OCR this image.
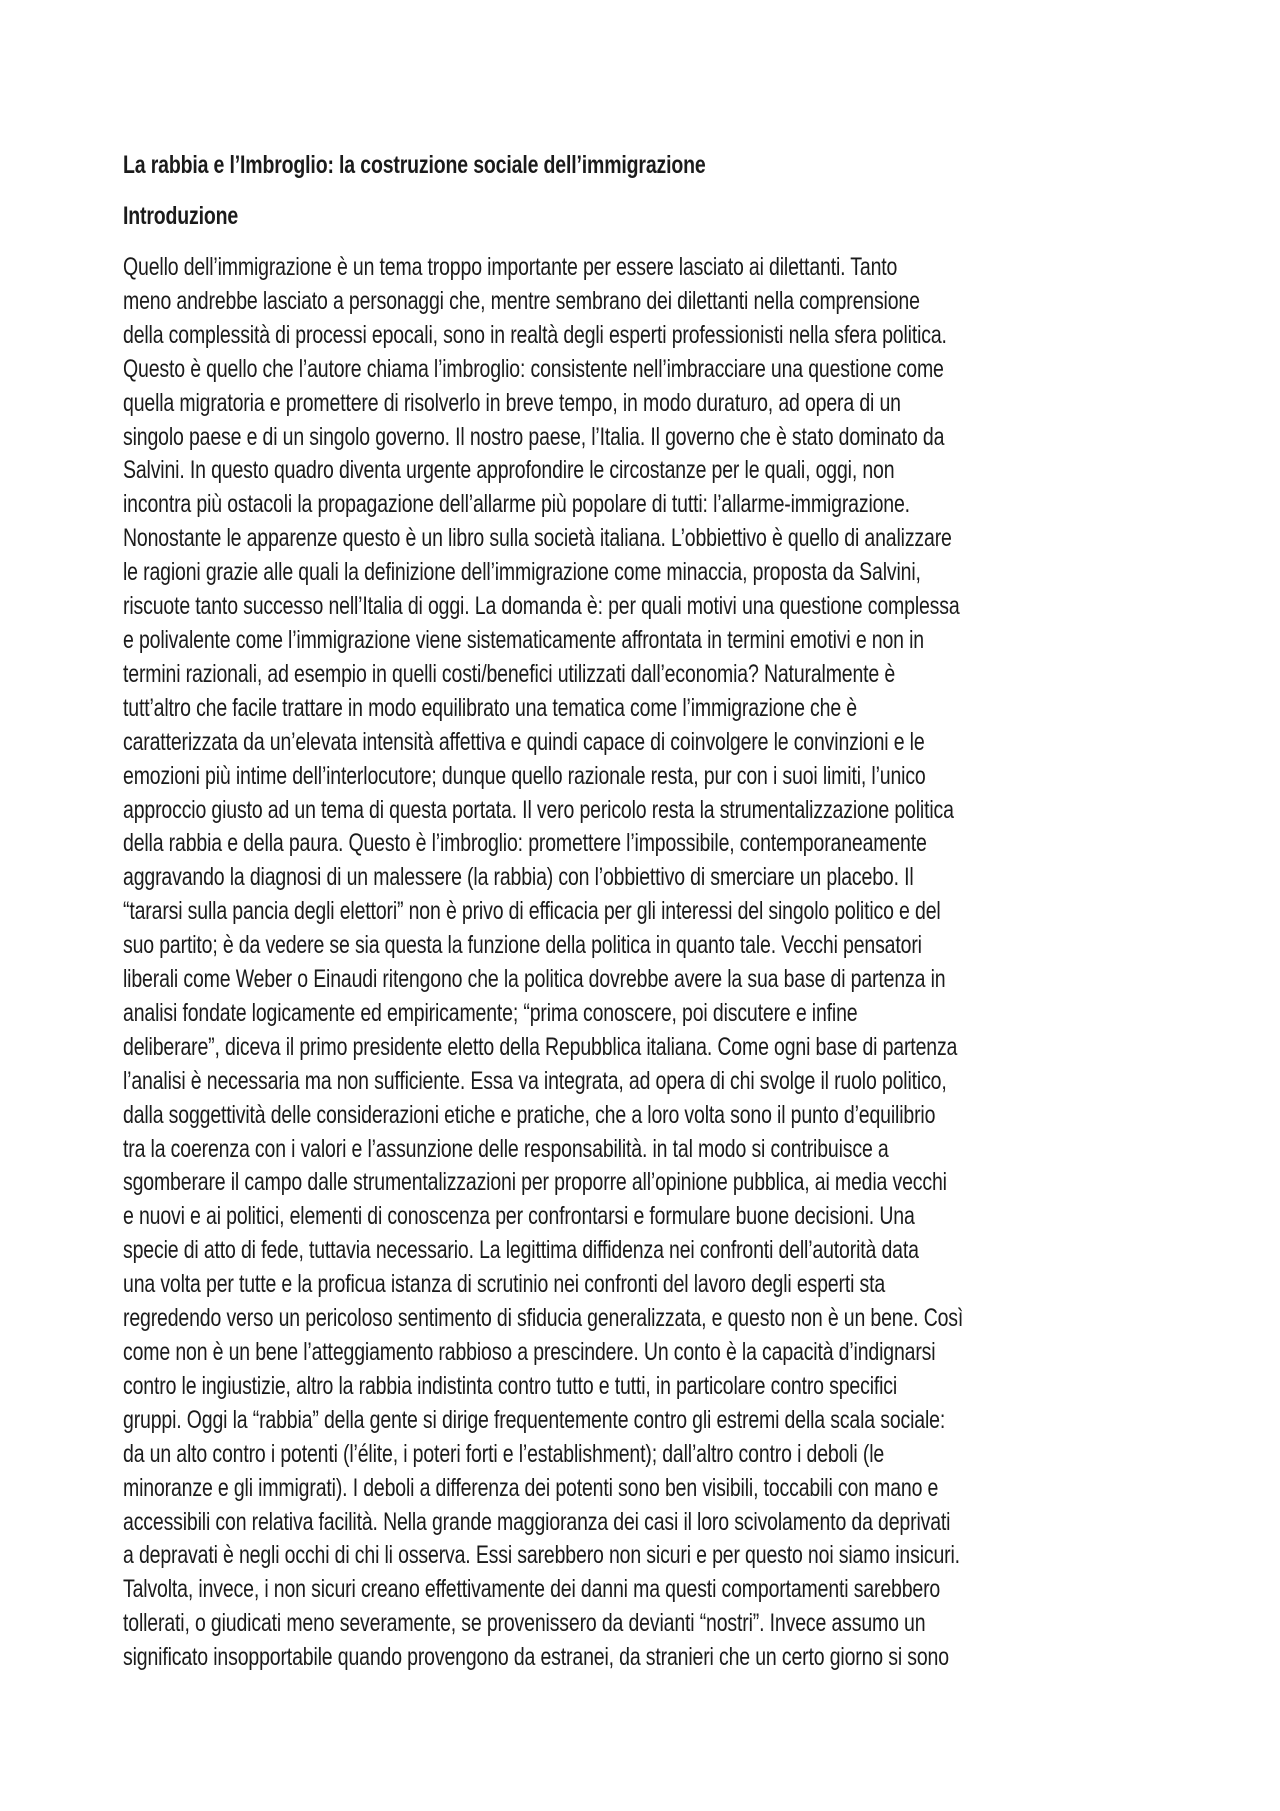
La rabbia e l’Imbroglio: la costruzione sociale dell’immigrazione
Introduzione
Quello dell’immigrazione è un tema troppo importante per essere lasciato ai dilettanti. Tanto
meno andrebbe lasciato a personaggi che, mentre sembrano dei dilettanti nella comprensione
della complessità di processi epocali, sono in realtà degli esperti professionisti nella sfera politica.
Questo è quello che l’autore chiama l’imbroglio: consistente nell’imbracciare una questione come
quella migratoria e promettere di risolverlo in breve tempo, in modo duraturo, ad opera di un
singolo paese e di un singolo governo. Il nostro paese, l’Italia. Il governo che è stato dominato da
Salvini. In questo quadro diventa urgente approfondire le circostanze per le quali, oggi, non
incontra più ostacoli la propagazione dell’allarme più popolare di tutti: l’allarme-immigrazione.
Nonostante le apparenze questo è un libro sulla società italiana. L’obbiettivo è quello di analizzare
le ragioni grazie alle quali la definizione dell’immigrazione come minaccia, proposta da Salvini,
riscuote tanto successo nell’Italia di oggi. La domanda è: per quali motivi una questione complessa
e polivalente come l’immigrazione viene sistematicamente affrontata in termini emotivi e non in
termini razionali, ad esempio in quelli costi/benefici utilizzati dall’economia? Naturalmente è
tutt’altro che facile trattare in modo equilibrato una tematica come l’immigrazione che è
caratterizzata da un’elevata intensità affettiva e quindi capace di coinvolgere le convinzioni e le
emozioni più intime dell’interlocutore; dunque quello razionale resta, pur con i suoi limiti, l’unico
approccio giusto ad un tema di questa portata. Il vero pericolo resta la strumentalizzazione politica
della rabbia e della paura. Questo è l’imbroglio: promettere l’impossibile, contemporaneamente
aggravando la diagnosi di un malessere (la rabbia) con l’obbiettivo di smerciare un placebo. Il
“tararsi sulla pancia degli elettori” non è privo di efficacia per gli interessi del singolo politico e del
suo partito; è da vedere se sia questa la funzione della politica in quanto tale. Vecchi pensatori
liberali come Weber o Einaudi ritengono che la politica dovrebbe avere la sua base di partenza in
analisi fondate logicamente ed empiricamente; “prima conoscere, poi discutere e infine
deliberare”, diceva il primo presidente eletto della Repubblica italiana. Come ogni base di partenza
l’analisi è necessaria ma non sufficiente. Essa va integrata, ad opera di chi svolge il ruolo politico,
dalla soggettività delle considerazioni etiche e pratiche, che a loro volta sono il punto d’equilibrio
tra la coerenza con i valori e l’assunzione delle responsabilità. in tal modo si contribuisce a
sgomberare il campo dalle strumentalizzazioni per proporre all’opinione pubblica, ai media vecchi
e nuovi e ai politici, elementi di conoscenza per confrontarsi e formulare buone decisioni. Una
specie di atto di fede, tuttavia necessario. La legittima diffidenza nei confronti dell’autorità data
una volta per tutte e la proficua istanza di scrutinio nei confronti del lavoro degli esperti sta
regredendo verso un pericoloso sentimento di sfiducia generalizzata, e questo non è un bene. Così
come non è un bene l’atteggiamento rabbioso a prescindere. Un conto è la capacità d’indignarsi
contro le ingiustizie, altro la rabbia indistinta contro tutto e tutti, in particolare contro specifici
gruppi. Oggi la “rabbia” della gente si dirige frequentemente contro gli estremi della scala sociale:
da un alto contro i potenti (l’élite, i poteri forti e l’establishment); dall’altro contro i deboli (le
minoranze e gli immigrati). I deboli a differenza dei potenti sono ben visibili, toccabili con mano e
accessibili con relativa facilità. Nella grande maggioranza dei casi il loro scivolamento da deprivati
a depravati è negli occhi di chi li osserva. Essi sarebbero non sicuri e per questo noi siamo insicuri.
Talvolta, invece, i non sicuri creano effettivamente dei danni ma questi comportamenti sarebbero
tollerati, o giudicati meno severamente, se provenissero da devianti “nostri”. Invece assumo un
significato insopportabile quando provengono da estranei, da stranieri che un certo giorno si sono
